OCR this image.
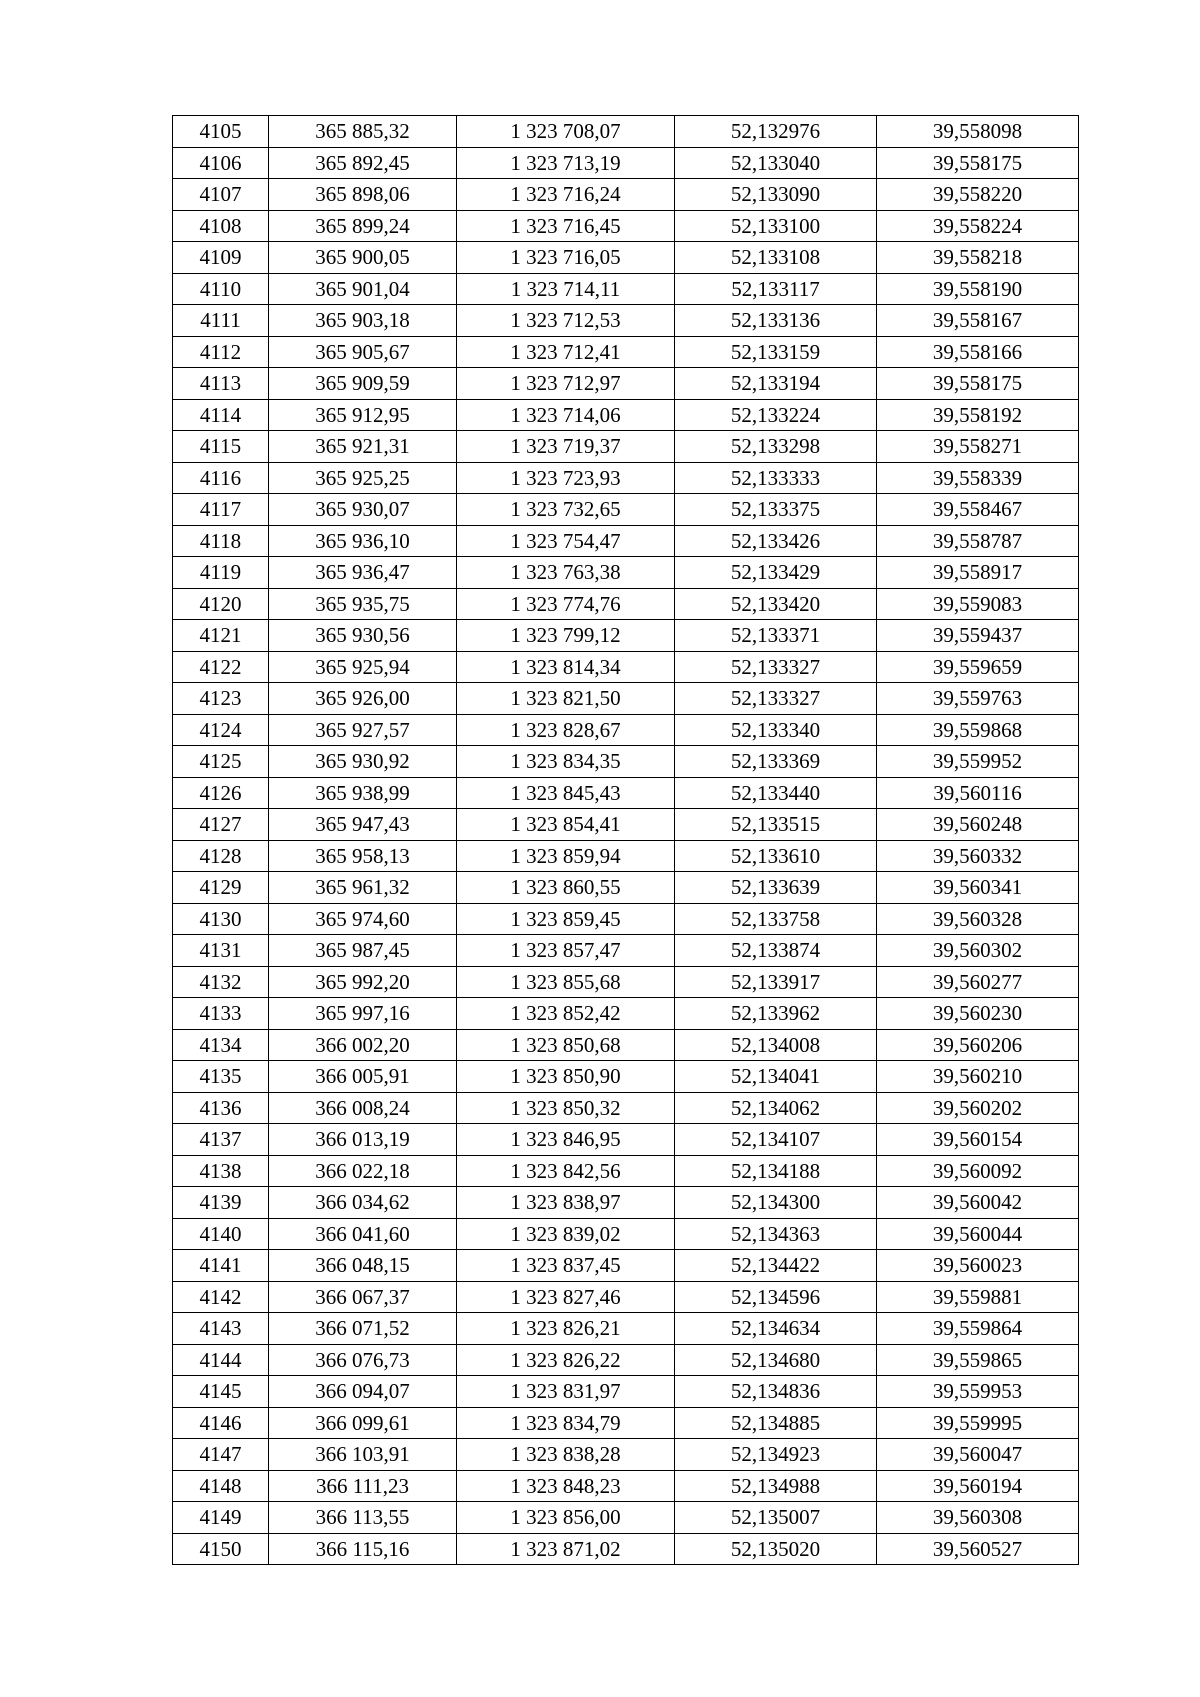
4105	365 885,32	1 323 708,07	52,132976	39,558098
4106	365 892,45	1 323 713,19	52,133040	39,558175
4107	365 898,06	1 323 716,24	52,133090	39,558220
4108	365 899,24	1 323 716,45	52,133100	39,558224
4109	365 900,05	1 323 716,05	52,133108	39,558218
4110	365 901,04	1 323 714,11	52,133117	39,558190
4111	365 903,18	1 323 712,53	52,133136	39,558167
4112	365 905,67	1 323 712,41	52,133159	39,558166
4113	365 909,59	1 323 712,97	52,133194	39,558175
4114	365 912,95	1 323 714,06	52,133224	39,558192
4115	365 921,31	1 323 719,37	52,133298	39,558271
4116	365 925,25	1 323 723,93	52,133333	39,558339
4117	365 930,07	1 323 732,65	52,133375	39,558467
4118	365 936,10	1 323 754,47	52,133426	39,558787
4119	365 936,47	1 323 763,38	52,133429	39,558917
4120	365 935,75	1 323 774,76	52,133420	39,559083
4121	365 930,56	1 323 799,12	52,133371	39,559437
4122	365 925,94	1 323 814,34	52,133327	39,559659
4123	365 926,00	1 323 821,50	52,133327	39,559763
4124	365 927,57	1 323 828,67	52,133340	39,559868
4125	365 930,92	1 323 834,35	52,133369	39,559952
4126	365 938,99	1 323 845,43	52,133440	39,560116
4127	365 947,43	1 323 854,41	52,133515	39,560248
4128	365 958,13	1 323 859,94	52,133610	39,560332
4129	365 961,32	1 323 860,55	52,133639	39,560341
4130	365 974,60	1 323 859,45	52,133758	39,560328
4131	365 987,45	1 323 857,47	52,133874	39,560302
4132	365 992,20	1 323 855,68	52,133917	39,560277
4133	365 997,16	1 323 852,42	52,133962	39,560230
4134	366 002,20	1 323 850,68	52,134008	39,560206
4135	366 005,91	1 323 850,90	52,134041	39,560210
4136	366 008,24	1 323 850,32	52,134062	39,560202
4137	366 013,19	1 323 846,95	52,134107	39,560154
4138	366 022,18	1 323 842,56	52,134188	39,560092
4139	366 034,62	1 323 838,97	52,134300	39,560042
4140	366 041,60	1 323 839,02	52,134363	39,560044
4141	366 048,15	1 323 837,45	52,134422	39,560023
4142	366 067,37	1 323 827,46	52,134596	39,559881
4143	366 071,52	1 323 826,21	52,134634	39,559864
4144	366 076,73	1 323 826,22	52,134680	39,559865
4145	366 094,07	1 323 831,97	52,134836	39,559953
4146	366 099,61	1 323 834,79	52,134885	39,559995
4147	366 103,91	1 323 838,28	52,134923	39,560047
4148	366 111,23	1 323 848,23	52,134988	39,560194
4149	366 113,55	1 323 856,00	52,135007	39,560308
4150	366 115,16	1 323 871,02	52,135020	39,560527
